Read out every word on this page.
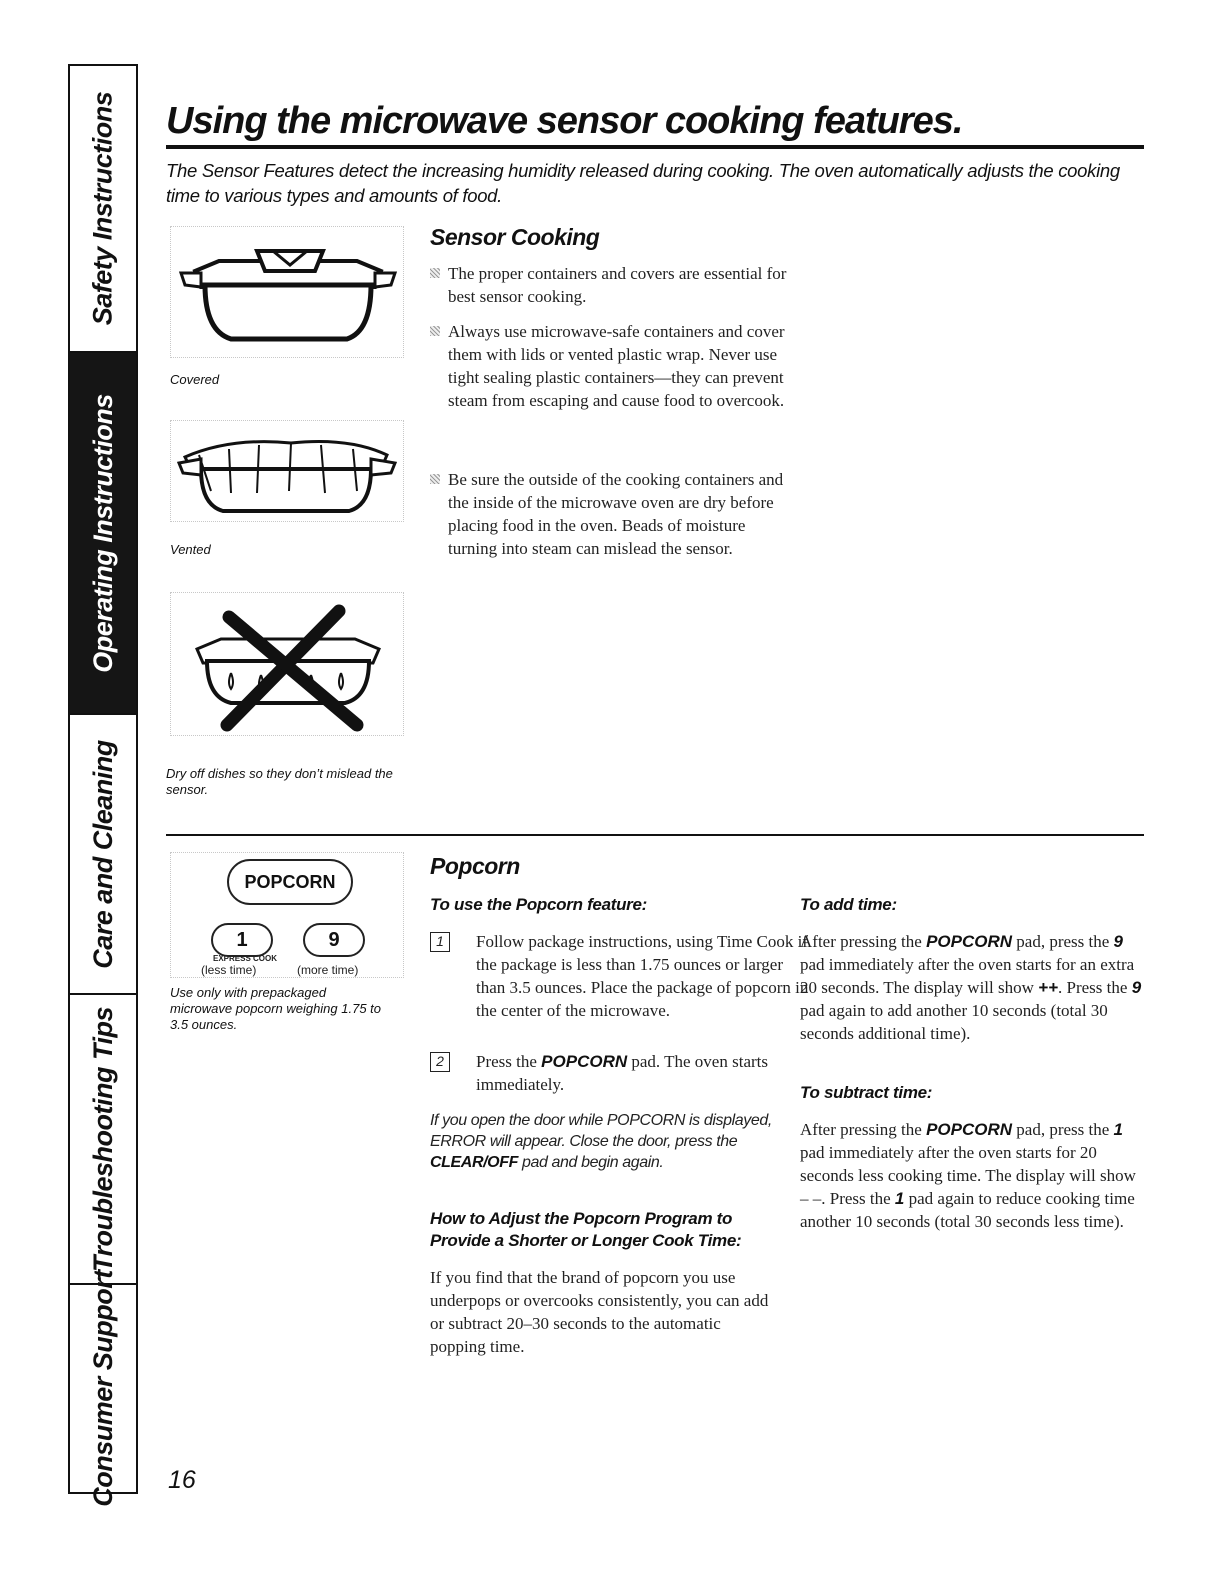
Safety Instructions
Operating Instructions
Care and Cleaning
Troubleshooting Tips
Consumer Support
Using the microwave sensor cooking features.

The Sensor Features detect the increasing humidity released during cooking. The oven automatically adjusts the cooking time to various types and amounts of food.

Covered

Vented

Dry off dishes so they don’t mislead the sensor.

Sensor Cooking

The proper containers and covers are essential for best sensor cooking.

Always use microwave-safe containers and cover them with lids or vented plastic wrap. Never use tight sealing plastic containers—they can prevent steam from escaping and cause food to overcook.

Be sure the outside of the cooking containers and the inside of the microwave oven are dry before placing food in the oven. Beads of moisture turning into steam can mislead the sensor.

POPCORN
1	9
EXPRESS COOK
(less time)	(more time)

Use only with prepackaged microwave popcorn weighing 1.75 to 3.5 ounces.

Popcorn
To use the Popcorn feature:

1	Follow package instructions, using Time Cook if the package is less than 1.75 ounces or larger than 3.5 ounces. Place the package of popcorn in the center of the microwave.

2	Press the POPCORN pad. The oven starts immediately.

If you open the door while POPCORN is displayed, ERROR will appear. Close the door, press the CLEAR/OFF pad and begin again.

How to Adjust the Popcorn Program to Provide a Shorter or Longer Cook Time:

If you find that the brand of popcorn you use underpops or overcooks consistently, you can add or subtract 20–30 seconds to the automatic popping time.

To add time:

After pressing the POPCORN pad, press the 9 pad immediately after the oven starts for an extra 20 seconds. The display will show ++. Press the 9 pad again to add another 10 seconds (total 30 seconds additional time).

To subtract time:

After pressing the POPCORN pad, press the 1 pad immediately after the oven starts for 20 seconds less cooking time. The display will show – –. Press the 1 pad again to reduce cooking time another 10 seconds (total 30 seconds less time).

16
